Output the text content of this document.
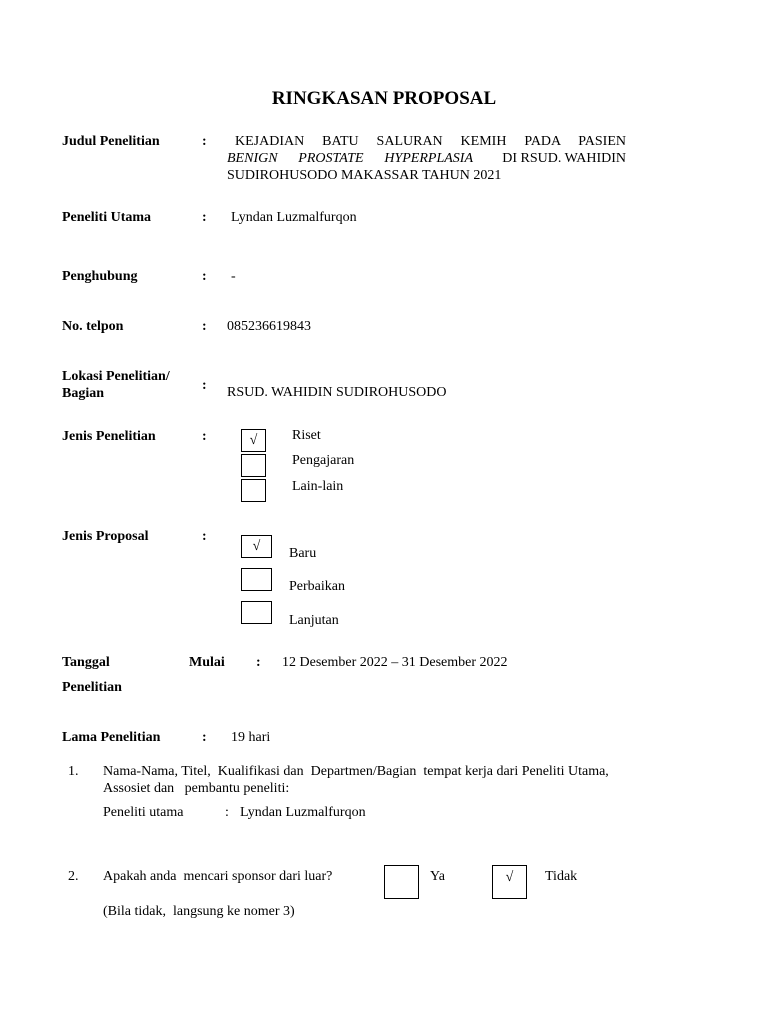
RINGKASAN PROPOSAL
Judul Penelitian	:	KEJADIAN BATU SALURAN KEMIH PADA PASIEN
BENIGN PROSTATE HYPERPLASIA DI RSUD. WAHIDIN
SUDIROHUSODO MAKASSAR TAHUN 2021
Peneliti Utama	: Lyndan Luzmalfurqon
Penghubung	: -
No. telpon	: 085236619843
Lokasi Penelitian/
Bagian
: RSUD. WAHIDIN SUDIROHUSODO
Jenis Penelitian	:	√ Riset
Pengajaran
Lain-lain
Jenis Proposal	:
√ Baru
Perbaikan
Lanjutan
Tanggal	Mulai
Penelitian
: 12 Desember 2022 – 31 Desember 2022
Lama Penelitian	: 19 hari
1. Nama-Nama, Titel,  Kualifikasi dan  Departmen/Bagian  tempat kerja dari Peneliti Utama,
Assosiet dan   pembantu peneliti:
Peneliti utama	: Lyndan Luzmalfurqon
2. Apakah anda  mencari sponsor dari luar?	Ya	√ Tidak
(Bila tidak,  langsung ke nomer 3)
